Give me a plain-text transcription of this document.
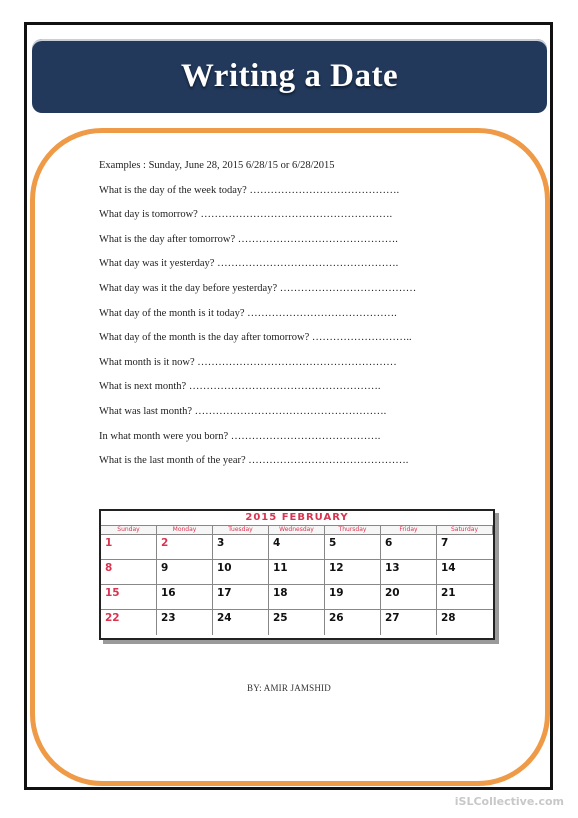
Writing a Date
Examples : Sunday, June 28, 2015 6/28/15 or 6/28/2015
What is the day of the week today? …………………………………….
What day is tomorrow? ……………………………………………….
What is the day after tomorrow? ……………………………………….
What day was it yesterday? …………………………………………….
What day was it the day before yesterday? …………………………………
What day of the month is it today? …………………………………….
What day of the month is the day after tomorrow? ………………………..
What month is it now? …………………………………………………
What is next month? ……………………………………………….
What was last month? ……………………………………………….
In what month were you born? …………………………………….
What is the last month of the year? ……………………………………….
2015 FEBRUARY
Sunday	Monday	Tuesday	Wednesday	Thursday	Friday	Saturday
1	2	3	4	5	6	7
8	9	10	11	12	13	14
15	16	17	18	19	20	21
22	23	24	25	26	27	28
BY: AMIR JAMSHID
iSLCollective.com
